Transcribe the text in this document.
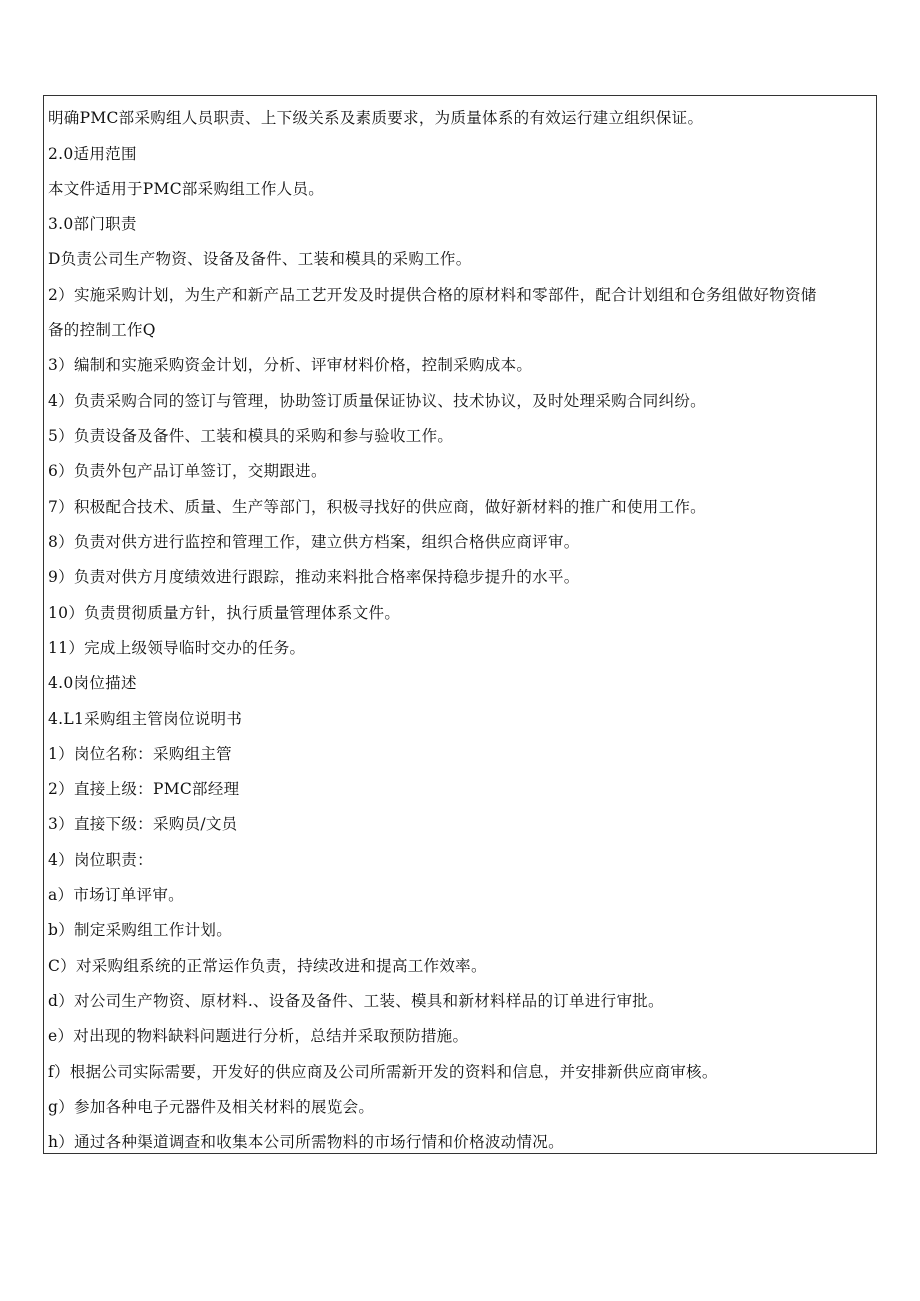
明确PMC部采购组人员职责、上下级关系及素质要求，为质量体系的有效运行建立组织保证。
2.0适用范围
本文件适用于PMC部采购组工作人员。
3.0部门职责
D负责公司生产物资、设备及备件、工装和模具的采购工作。
2）实施采购计划，为生产和新产品工艺开发及时提供合格的原材料和零部件，配合计划组和仓务组做好物资储
备的控制工作Q
3）编制和实施采购资金计划，分析、评审材料价格，控制采购成本。
4）负责采购合同的签订与管理，协助签订质量保证协议、技术协议，及时处理采购合同纠纷。
5）负责设备及备件、工装和模具的采购和参与验收工作。
6）负责外包产品订单签订，交期跟进。
7）积极配合技术、质量、生产等部门，积极寻找好的供应商，做好新材料的推广和使用工作。
8）负责对供方进行监控和管理工作，建立供方档案，组织合格供应商评审。
9）负责对供方月度绩效进行跟踪，推动来料批合格率保持稳步提升的水平。
10）负责贯彻质量方针，执行质量管理体系文件。
11）完成上级领导临时交办的任务。
4.0岗位描述
4.L1采购组主管岗位说明书
1）岗位名称：采购组主管
2）直接上级：PMC部经理
3）直接下级：采购员/文员
4）岗位职责：
a）市场订单评审。
b）制定采购组工作计划。
C）对采购组系统的正常运作负责，持续改进和提高工作效率。
d）对公司生产物资、原材料.、设备及备件、工装、模具和新材料样品的订单进行审批。
e）对出现的物料缺料问题进行分析，总结并采取预防措施。
f）根据公司实际需要，开发好的供应商及公司所需新开发的资料和信息，并安排新供应商审核。
g）参加各种电子元器件及相关材料的展览会。
h）通过各种渠道调查和收集本公司所需物料的市场行情和价格波动情况。
